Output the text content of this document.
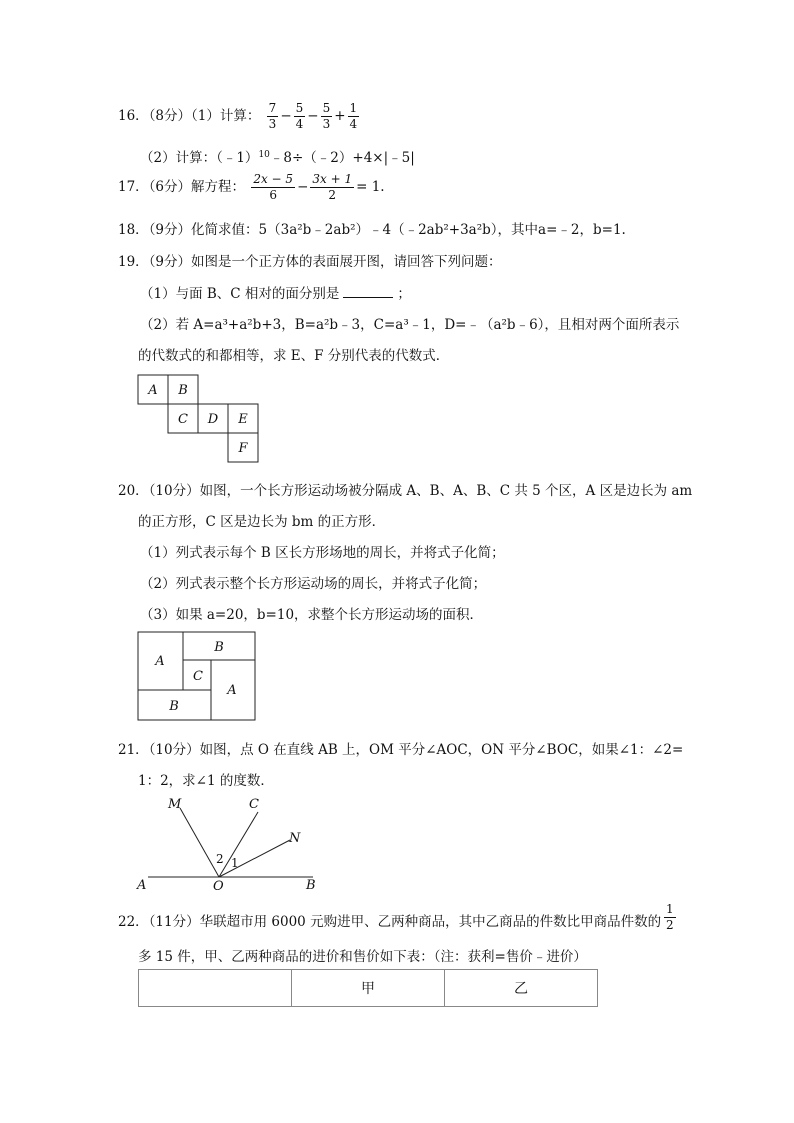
16．（8分）（1）计算： $\frac{7}{3} - \frac{5}{4} - \frac{5}{3} + \frac{1}{4}$
（2）计算：（﹣1）$^{10}$﹣8÷（﹣2）+4×|﹣5|
17．（6分）解方程： $\frac{2x - 5}{6} - \frac{3x + 1}{2} = 1$.
18．（9分）化简求值：5（3a²b﹣2ab²）﹣4（﹣2ab²+3a²b），其中a=﹣2，b=1.
19．（9分）如图是一个正方体的表面展开图，请回答下列问题：
（1）与面 B、C 相对的面分别是	；
（2）若 A=a³+a²b+3，B=a²b﹣3，C=a³﹣1，D=﹣（a²b﹣6），且相对两个面所表示
的代数式的和都相等，求 E、F 分别代表的代数式．
A B
C D E
F
20．（10分）如图，一个长方形运动场被分隔成 A、B、A、B、C 共 5 个区，A 区是边长为 am
的正方形，C 区是边长为 bm 的正方形．
（1）列式表示每个 B 区长方形场地的周长，并将式子化简；
（2）列式表示整个长方形运动场的周长，并将式子化简；
（3）如果 a=20，b=10，求整个长方形运动场的面积．
A
B
C
A
B
21．（10分）如图，点 O 在直线 AB 上，OM 平分∠AOC，ON 平分∠BOC，如果∠1：∠2=
1：2，求∠1 的度数．
M	C
N
A	O	B
2 1
22．（11分）华联超市用 6000 元购进甲、乙两种商品，其中乙商品的件数比甲商品件数的 $\frac{1}{2}$
多 15 件，甲、乙两种商品的进价和售价如下表：（注：获利=售价﹣进价）
	甲	乙
